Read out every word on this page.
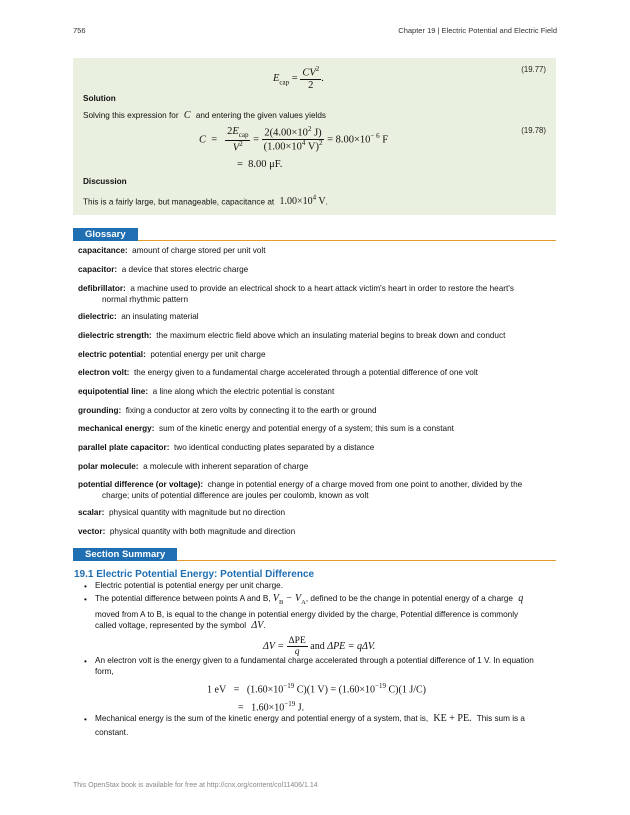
756	Chapter 19 | Electric Potential and Electric Field
$E_{cap} = \frac{CV^2}{2}$ .
(19.77)
Solution
Solving this expression for C and entering the given values yields
$C = \frac{2E_{cap}}{V^2} = \frac{2(4.00\times 10^2 J)}{(1.00\times 10^4 V)^2} = 8.00\times 10^{- 6}$ F
(19.78)
=  8.00 μF.
Discussion
This is a fairly large, but manageable, capacitance at $1.00\times 10^4$ V.
Glossary
capacitance: amount of charge stored per unit volt
capacitor: a device that stores electric charge
defibrillator: a machine used to provide an electrical shock to a heart attack victim's heart in order to restore the heart's
normal rhythmic pattern
dielectric: an insulating material
dielectric strength: the maximum electric field above which an insulating material begins to break down and conduct
electric potential: potential energy per unit charge
electron volt: the energy given to a fundamental charge accelerated through a potential difference of one volt
equipotential line: a line along which the electric potential is constant
grounding: fixing a conductor at zero volts by connecting it to the earth or ground
mechanical energy: sum of the kinetic energy and potential energy of a system; this sum is a constant
parallel plate capacitor: two identical conducting plates separated by a distance
polar molecule: a molecule with inherent separation of charge
potential difference (or voltage): change in potential energy of a charge moved from one point to another, divided by the
charge; units of potential difference are joules per coulomb, known as volt
scalar: physical quantity with magnitude but no direction
vector: physical quantity with both magnitude and direction
Section Summary
19.1 Electric Potential Energy: Potential Difference
• Electric potential is potential energy per unit charge.
• The potential difference between points A and B, $V_B - V_A$, defined to be the change in potential energy of a charge q
moved from A to B, is equal to the change in potential energy divided by the charge, Potential difference is commonly
called voltage, represented by the symbol ΔV.
$\Delta V = \frac{\text{ΔPE}}{q}$ and ΔPE = qΔV.
• An electron volt is the energy given to a fundamental charge accelerated through a potential difference of 1 V. In equation
form,
1 eV = ($1.60\times 10^{-19}$ C)(1 $V) = (1.60\times 10^{-19}$ C)(1 J/C)
= $1.60\times 10^{-19}$ J.
• Mechanical energy is the sum of the kinetic energy and potential energy of a system, that is, KE + PE. This sum is a
constant.
This OpenStax book is available for free at http://cnx.org/content/col11406/1.14
